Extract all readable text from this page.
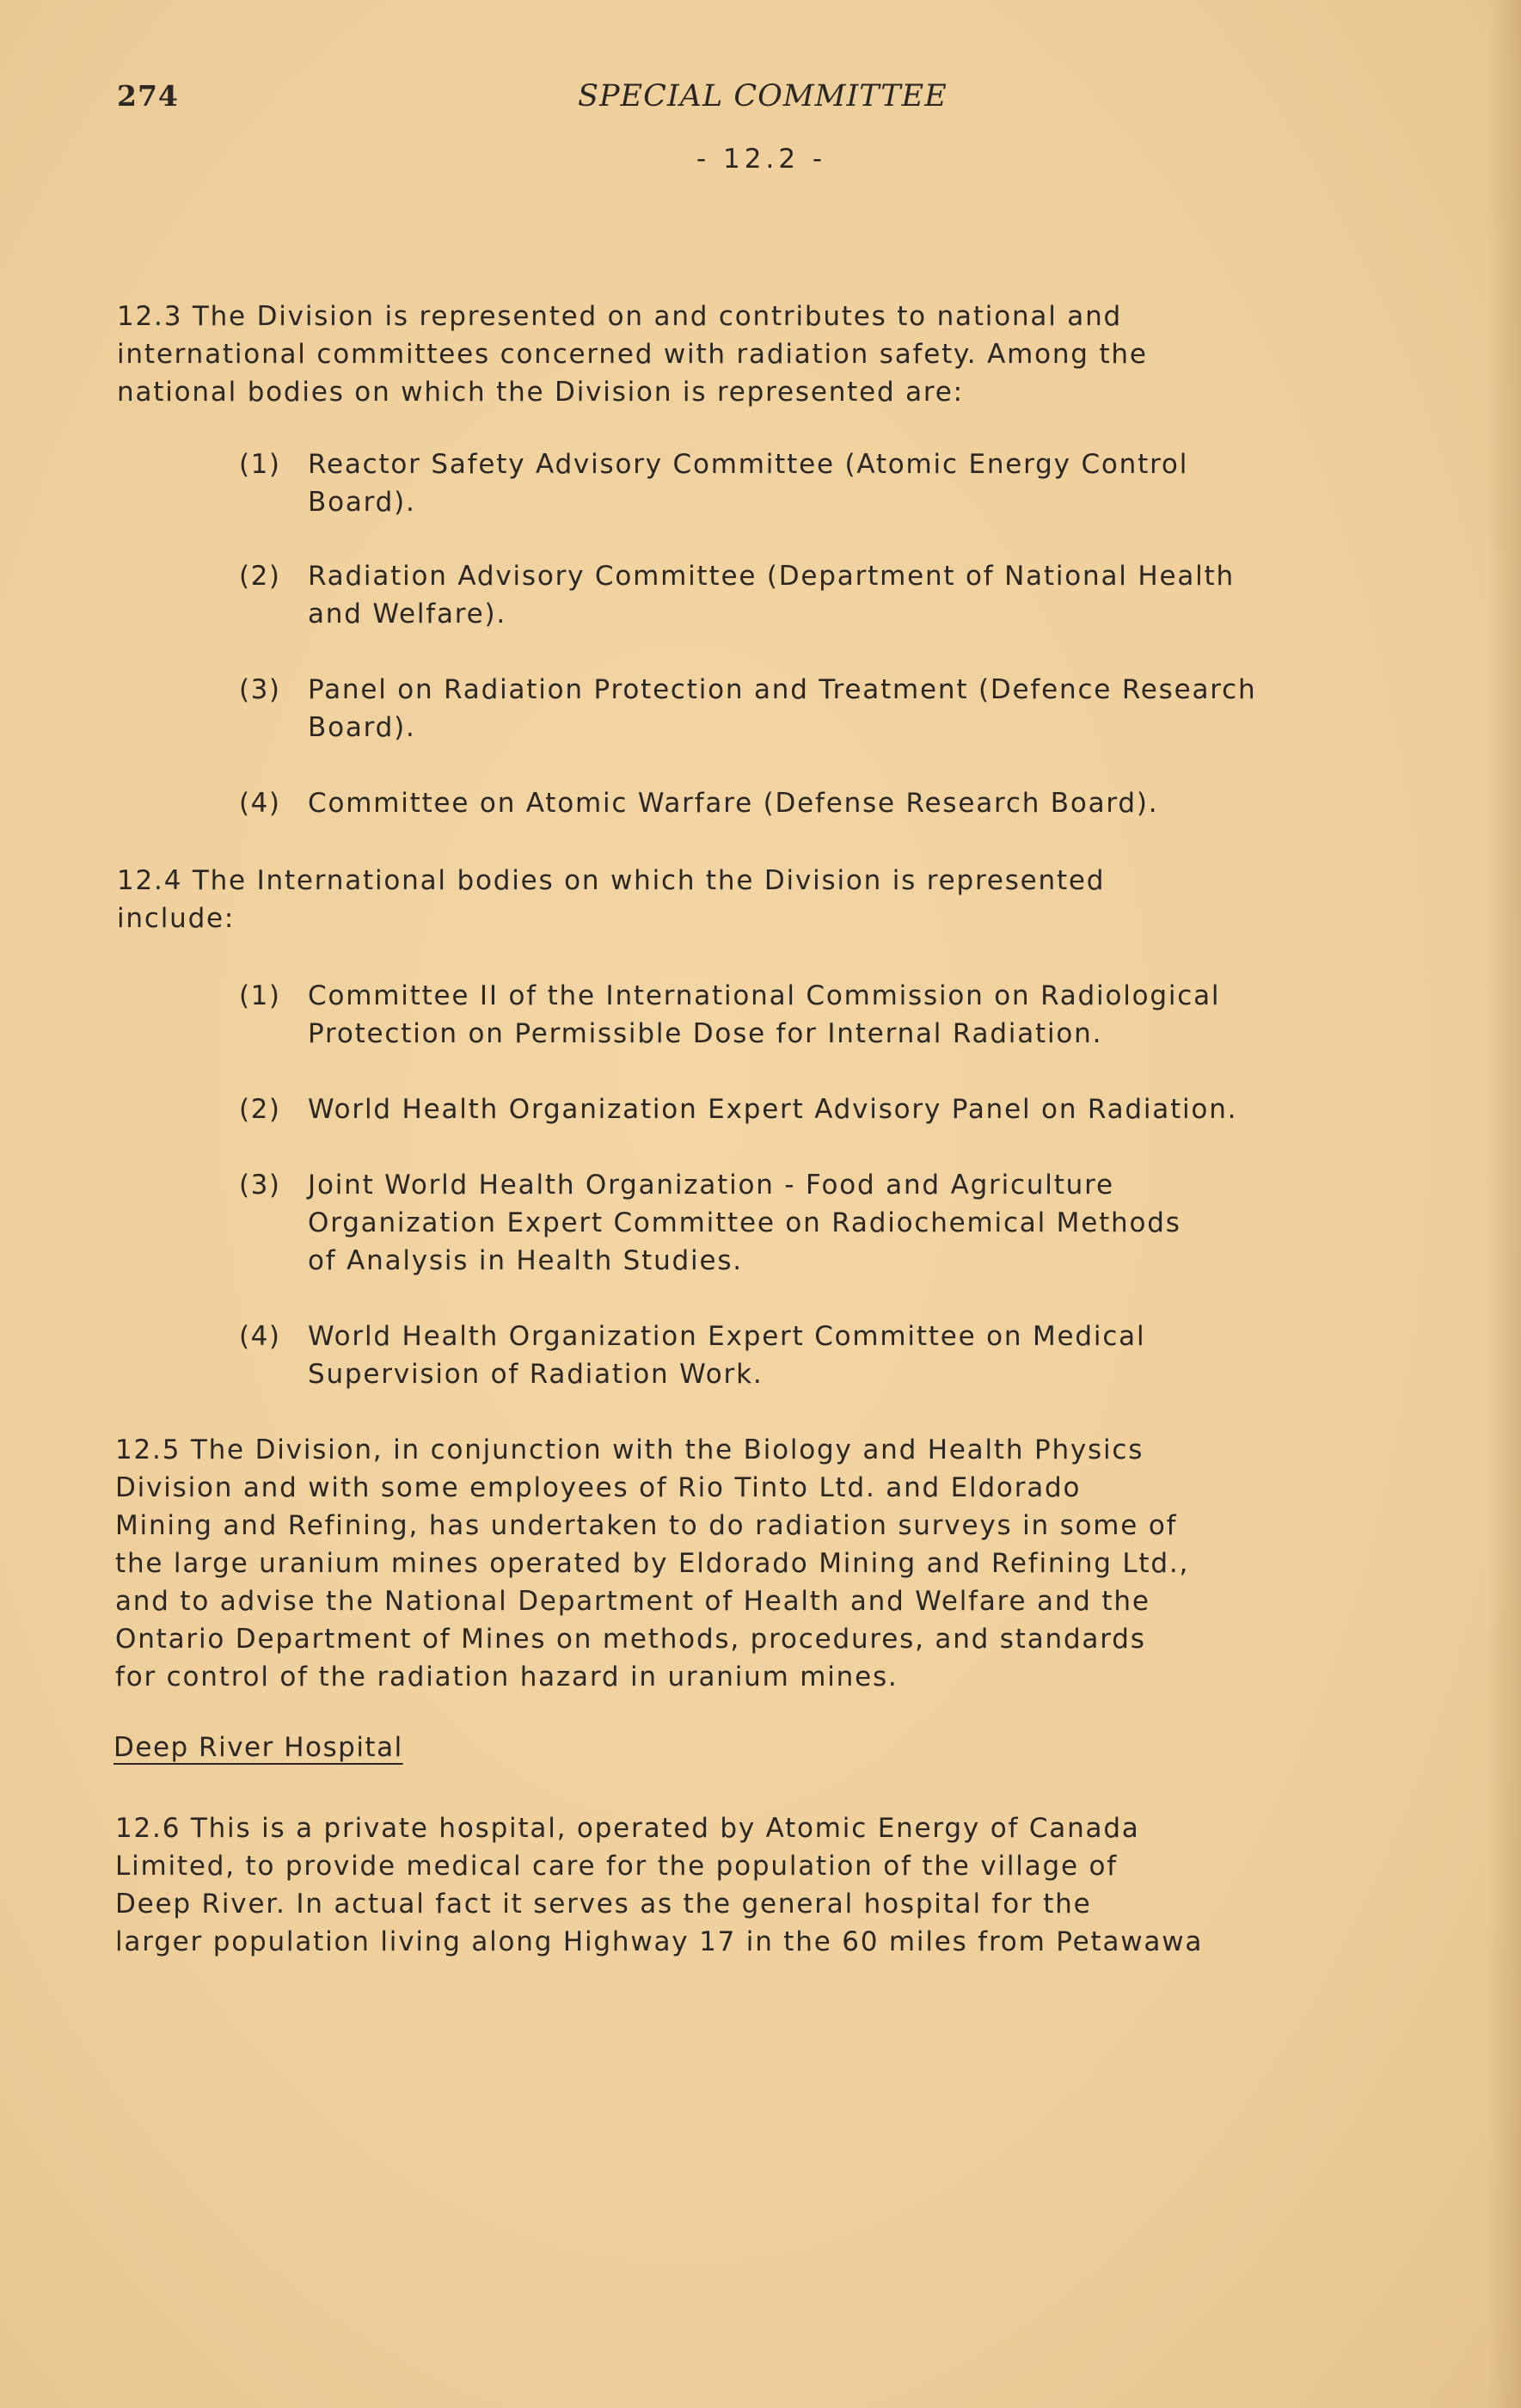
274	SPECIAL COMMITTEE
- 12.2 -
12.3 The Division is represented on and contributes to national and
international committees concerned with radiation safety. Among the
national bodies on which the Division is represented are:
(1) Reactor Safety Advisory Committee (Atomic Energy Control
Board).
(2) Radiation Advisory Committee (Department of National Health
and Welfare).
(3) Panel on Radiation Protection and Treatment (Defence Research
Board).
(4) Committee on Atomic Warfare (Defense Research Board).
12.4 The International bodies on which the Division is represented
include:
(1) Committee II of the International Commission on Radiological
Protection on Permissible Dose for Internal Radiation.
(2) World Health Organization Expert Advisory Panel on Radiation.
(3) Joint World Health Organization - Food and Agriculture
Organization Expert Committee on Radiochemical Methods
of Analysis in Health Studies.
(4) World Health Organization Expert Committee on Medical
Supervision of Radiation Work.
12.5 The Division, in conjunction with the Biology and Health Physics
Division and with some employees of Rio Tinto Ltd. and Eldorado
Mining and Refining, has undertaken to do radiation surveys in some of
the large uranium mines operated by Eldorado Mining and Refining Ltd.,
and to advise the National Department of Health and Welfare and the
Ontario Department of Mines on methods, procedures, and standards
for control of the radiation hazard in uranium mines.
Deep River Hospital
12.6 This is a private hospital, operated by Atomic Energy of Canada
Limited, to provide medical care for the population of the village of
Deep River. In actual fact it serves as the general hospital for the
larger population living along Highway 17 in the 60 miles from Petawawa
